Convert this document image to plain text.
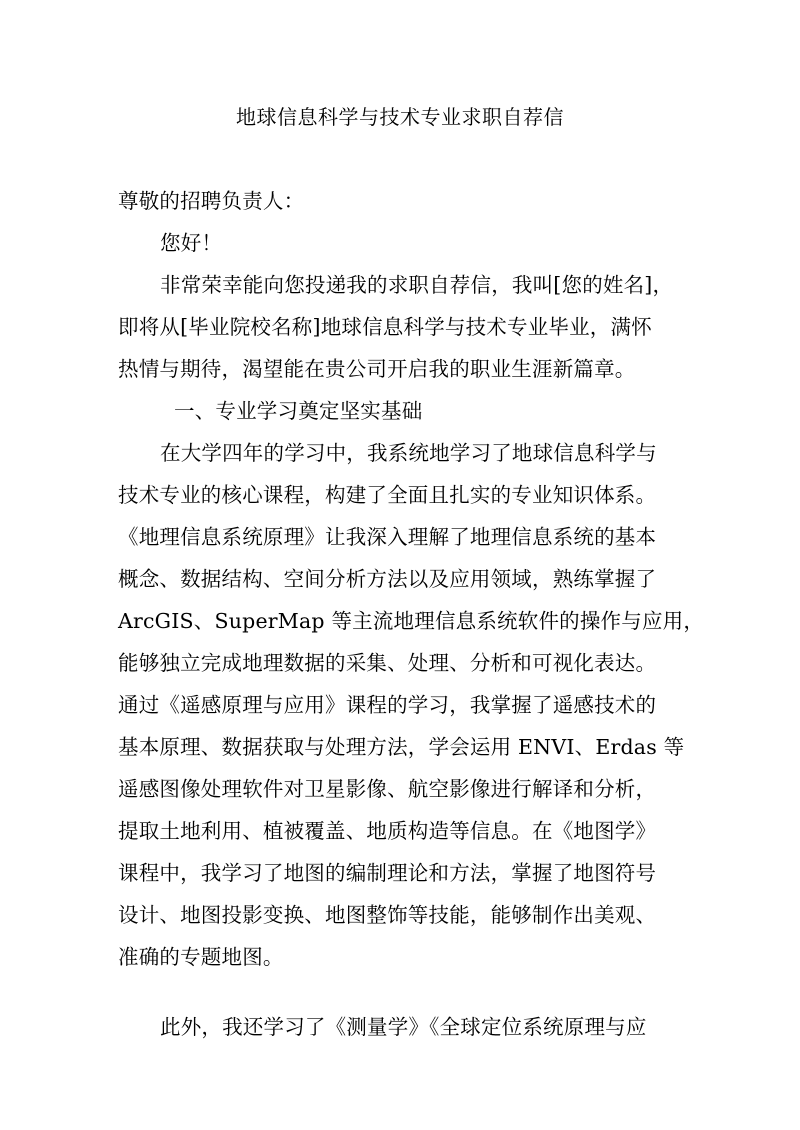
地球信息科学与技术专业求职自荐信
尊敬的招聘负责人：
您好！
非常荣幸能向您投递我的求职自荐信，我叫[您的姓名]，
即将从[毕业院校名称]地球信息科学与技术专业毕业，满怀
热情与期待，渴望能在贵公司开启我的职业生涯新篇章。
一、专业学习奠定坚实基础
在大学四年的学习中，我系统地学习了地球信息科学与
技术专业的核心课程，构建了全面且扎实的专业知识体系。
《地理信息系统原理》让我深入理解了地理信息系统的基本
概念、数据结构、空间分析方法以及应用领域，熟练掌握了
ArcGIS、SuperMap 等主流地理信息系统软件的操作与应用，
能够独立完成地理数据的采集、处理、分析和可视化表达。
通过《遥感原理与应用》课程的学习，我掌握了遥感技术的
基本原理、数据获取与处理方法，学会运用 ENVI、Erdas 等
遥感图像处理软件对卫星影像、航空影像进行解译和分析，
提取土地利用、植被覆盖、地质构造等信息。在《地图学》
课程中，我学习了地图的编制理论和方法，掌握了地图符号
设计、地图投影变换、地图整饰等技能，能够制作出美观、
准确的专题地图。
此外，我还学习了《测量学》《全球定位系统原理与应
